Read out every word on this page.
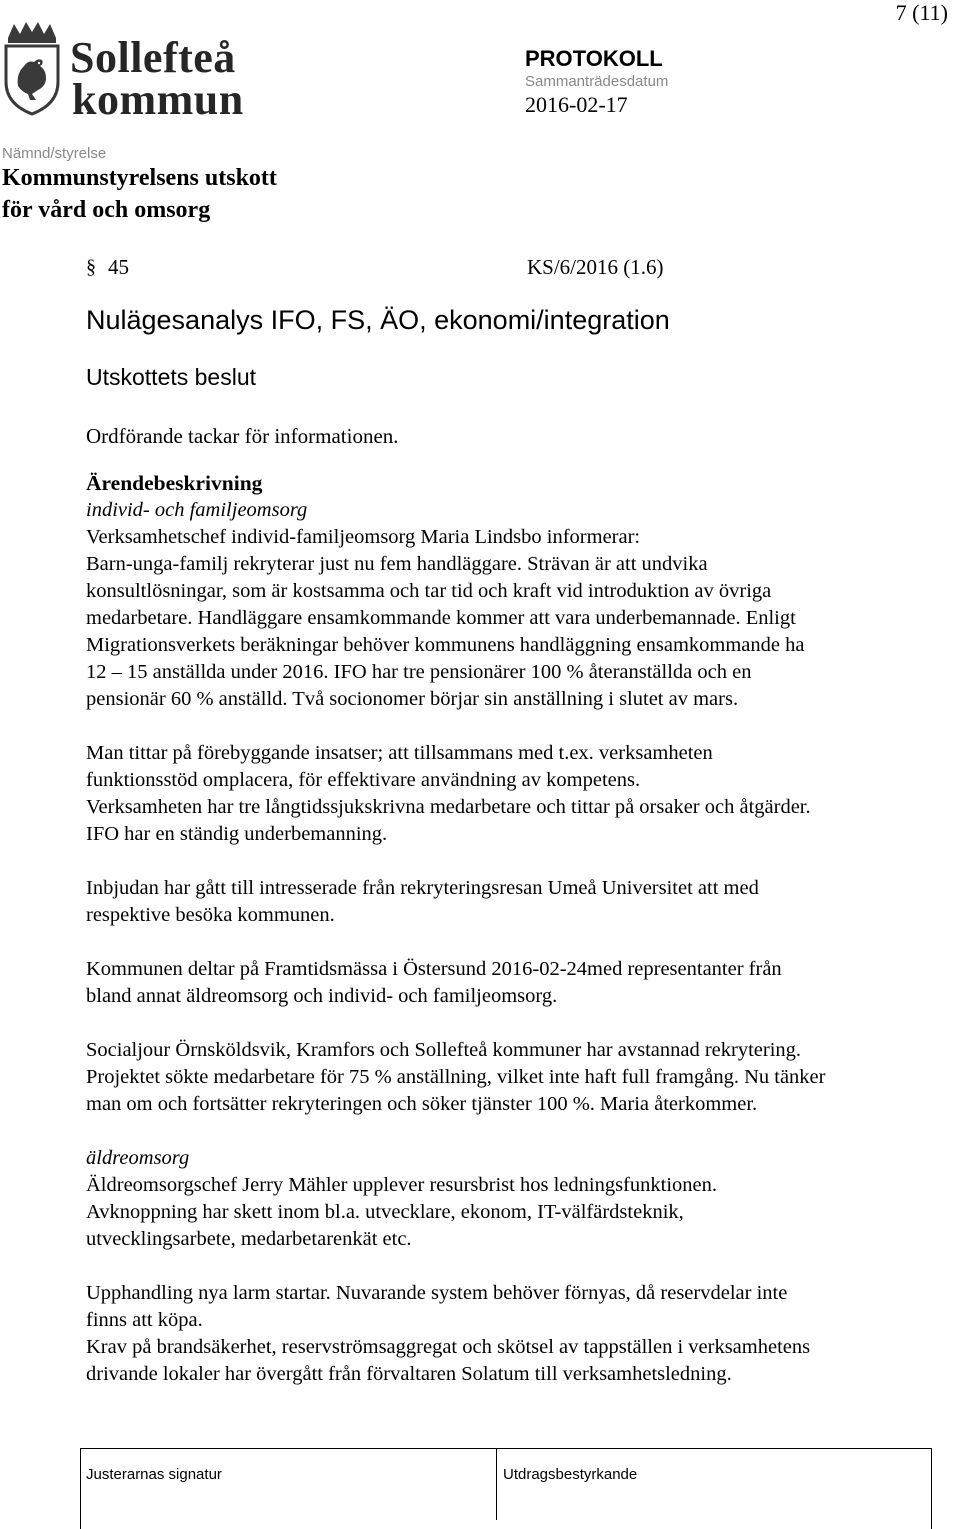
7 (11)
Sollefteå
kommun
PROTOKOLL
Sammanträdesdatum
2016-02-17
Nämnd/styrelse
Kommunstyrelsens utskott
för vård och omsorg
§ 45	KS/6/2016 (1.6)
Nulägesanalys IFO, FS, ÄO, ekonomi/integration
Utskottets beslut
Ordförande tackar för informationen.
Ärendebeskrivning
individ- och familjeomsorg

Verksamhetschef individ-familjeomsorg Maria Lindsbo informerar:
Barn-unga-familj rekryterar just nu fem handläggare. Strävan är att undvika
konsultlösningar, som är kostsamma och tar tid och kraft vid introduktion av övriga
medarbetare. Handläggare ensamkommande kommer att vara underbemannade. Enligt
Migrationsverkets beräkningar behöver kommunens handläggning ensamkommande ha
12 – 15 anställda under 2016. IFO har tre pensionärer 100 % återanställda och en
pensionär 60 % anställd. Två socionomer börjar sin anställning i slutet av mars.

Man tittar på förebyggande insatser; att tillsammans med t.ex. verksamheten
funktionsstöd omplacera, för effektivare användning av kompetens.
Verksamheten har tre långtidssjukskrivna medarbetare och tittar på orsaker och åtgärder.
IFO har en ständig underbemanning.

Inbjudan har gått till intresserade från rekryteringsresan Umeå Universitet att med
respektive besöka kommunen.

Kommunen deltar på Framtidsmässa i Östersund 2016-02-24med representanter från
bland annat äldreomsorg och individ- och familjeomsorg.

Socialjour Örnsköldsvik, Kramfors och Sollefteå kommuner har avstannad rekrytering.
Projektet sökte medarbetare för 75 % anställning, vilket inte haft full framgång. Nu tänker
man om och fortsätter rekryteringen och söker tjänster 100 %. Maria återkommer.

äldreomsorg

Äldreomsorgschef Jerry Mähler upplever resursbrist hos ledningsfunktionen.
Avknoppning har skett inom bl.a. utvecklare, ekonom, IT-välfärdsteknik,
utvecklingsarbete, medarbetarenkät etc.

Upphandling nya larm startar. Nuvarande system behöver förnyas, då reservdelar inte
finns att köpa.
Krav på brandsäkerhet, reservströmsaggregat och skötsel av tappställen i verksamhetens
drivande lokaler har övergått från förvaltaren Solatum till verksamhetsledning.

Justerarnas signatur	Utdragsbestyrkande
